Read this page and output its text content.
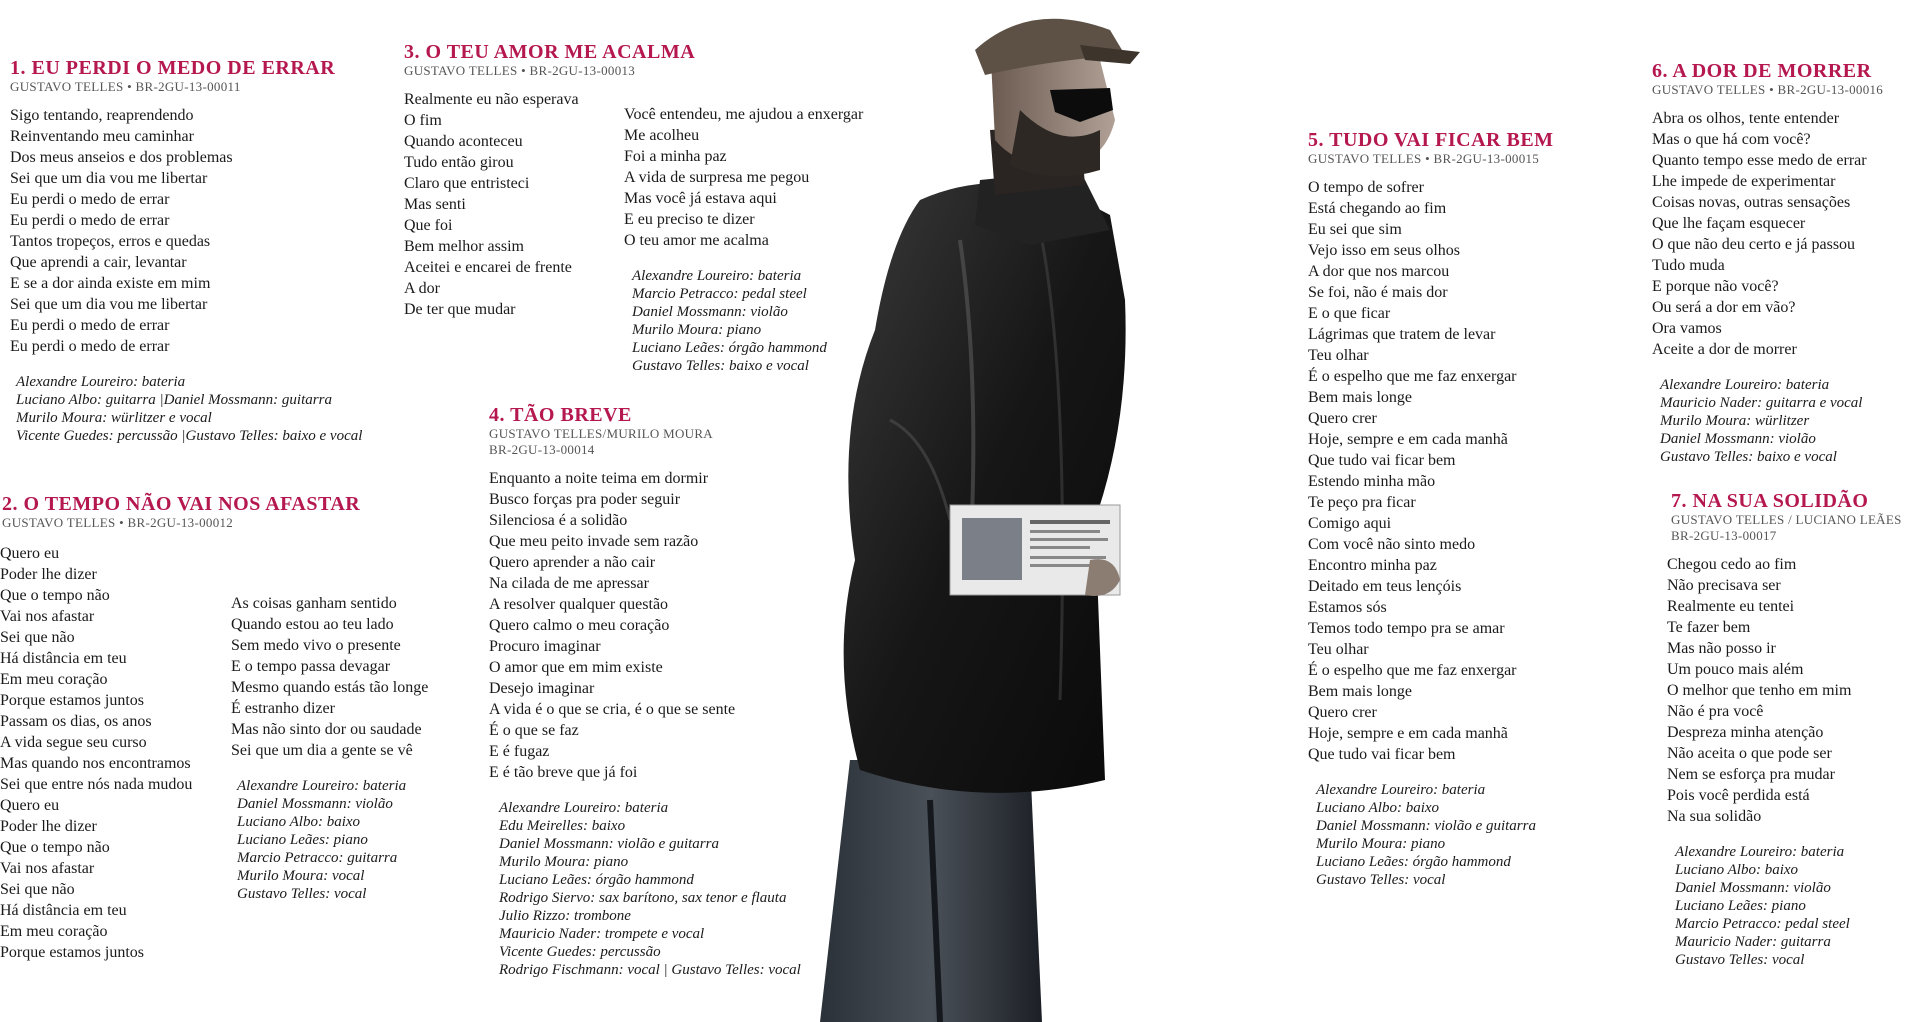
1. EU PERDI O MEDO DE ERRAR
GUSTAVO TELLES • BR-2GU-13-00011
Sigo tentando, reaprendendo
Reinventando meu caminhar
Dos meus anseios e dos problemas
Sei que um dia vou me libertar
Eu perdi o medo de errar
Eu perdi o medo de errar
Tantos tropeços, erros e quedas
Que aprendi a cair, levantar
E se a dor ainda existe em mim
Sei que um dia vou me libertar
Eu perdi o medo de errar
Eu perdi o medo de errar
Alexandre Loureiro: bateria
Luciano Albo: guitarra |Daniel Mossmann: guitarra
Murilo Moura: würlitzer e vocal
Vicente Guedes: percussão |Gustavo Telles: baixo e vocal
2. O TEMPO NÃO VAI NOS AFASTAR
GUSTAVO TELLES • BR-2GU-13-00012
Quero eu
Poder lhe dizer
Que o tempo não
Vai nos afastar
Sei que não
Há distância em teu
Em meu coração
Porque estamos juntos
Passam os dias, os anos
A vida segue seu curso
Mas quando nos encontramos
Sei que entre nós nada mudou
Quero eu
Poder lhe dizer
Que o tempo não
Vai nos afastar
Sei que não
Há distância em teu
Em meu coração
Porque estamos juntos
As coisas ganham sentido
Quando estou ao teu lado
Sem medo vivo o presente
E o tempo passa devagar
Mesmo quando estás tão longe
É estranho dizer
Mas não sinto dor ou saudade
Sei que um dia a gente se vê
Alexandre Loureiro: bateria
Daniel Mossmann: violão
Luciano Albo: baixo
Luciano Leães: piano
Marcio Petracco: guitarra
Murilo Moura: vocal
Gustavo Telles: vocal
3. O TEU AMOR ME ACALMA
GUSTAVO TELLES • BR-2GU-13-00013
Realmente eu não esperava
O fim
Quando aconteceu
Tudo então girou
Claro que entristeci
Mas senti
Que foi
Bem melhor assim
Aceitei e encarei de frente
A dor
De ter que mudar
Você entendeu, me ajudou a enxergar
Me acolheu
Foi a minha paz
A vida de surpresa me pegou
Mas você já estava aqui
E eu preciso te dizer
O teu amor me acalma
Alexandre Loureiro: bateria
Marcio Petracco: pedal steel
Daniel Mossmann: violão
Murilo Moura: piano
Luciano Leães: órgão hammond
Gustavo Telles: baixo e vocal
4. TÃO BREVE
GUSTAVO TELLES/MURILO MOURA
BR-2GU-13-00014
Enquanto a noite teima em dormir
Busco forças pra poder seguir
Silenciosa é a solidão
Que meu peito invade sem razão
Quero aprender a não cair
Na cilada de me apressar
A resolver qualquer questão
Quero calmo o meu coração
Procuro imaginar
O amor que em mim existe
Desejo imaginar
A vida é o que se cria, é o que se sente
É o que se faz
E é fugaz
E é tão breve que já foi
Alexandre Loureiro: bateria
Edu Meirelles: baixo
Daniel Mossmann: violão e guitarra
Murilo Moura: piano
Luciano Leães: órgão hammond
Rodrigo Siervo: sax barítono, sax tenor e flauta
Julio Rizzo: trombone
Mauricio Nader: trompete e vocal
Vicente Guedes: percussão
Rodrigo Fischmann: vocal | Gustavo Telles: vocal
5. TUDO VAI FICAR BEM
GUSTAVO TELLES • BR-2GU-13-00015
O tempo de sofrer
Está chegando ao fim
Eu sei que sim
Vejo isso em seus olhos
A dor que nos marcou
Se foi, não é mais dor
E o que ficar
Lágrimas que tratem de levar
Teu olhar
É o espelho que me faz enxergar
Bem mais longe
Quero crer
Hoje, sempre e em cada manhã
Que tudo vai ficar bem
Estendo minha mão
Te peço pra ficar
Comigo aqui
Com você não sinto medo
Encontro minha paz
Deitado em teus lençóis
Estamos sós
Temos todo tempo pra se amar
Teu olhar
É o espelho que me faz enxergar
Bem mais longe
Quero crer
Hoje, sempre e em cada manhã
Que tudo vai ficar bem
Alexandre Loureiro: bateria
Luciano Albo: baixo
Daniel Mossmann: violão e guitarra
Murilo Moura: piano
Luciano Leães: órgão hammond
Gustavo Telles: vocal
6. A DOR DE MORRER
GUSTAVO TELLES • BR-2GU-13-00016
Abra os olhos, tente entender
Mas o que há com você?
Quanto tempo esse medo de errar
Lhe impede de experimentar
Coisas novas, outras sensações
Que lhe façam esquecer
O que não deu certo e já passou
Tudo muda
E porque não você?
Ou será a dor em vão?
Ora vamos
Aceite a dor de morrer
Alexandre Loureiro: bateria
Mauricio Nader: guitarra e vocal
Murilo Moura: würlitzer
Daniel Mossmann: violão
Gustavo Telles: baixo e vocal
7. NA SUA SOLIDÃO
GUSTAVO TELLES / LUCIANO LEÃES
BR-2GU-13-00017
Chegou cedo ao fim
Não precisava ser
Realmente eu tentei
Te fazer bem
Mas não posso ir
Um pouco mais além
O melhor que tenho em mim
Não é pra você
Despreza minha atenção
Não aceita o que pode ser
Nem se esforça pra mudar
Pois você perdida está
Na sua solidão
Alexandre Loureiro: bateria
Luciano Albo: baixo
Daniel Mossmann: violão
Luciano Leães: piano
Marcio Petracco: pedal steel
Mauricio Nader: guitarra
Gustavo Telles: vocal
